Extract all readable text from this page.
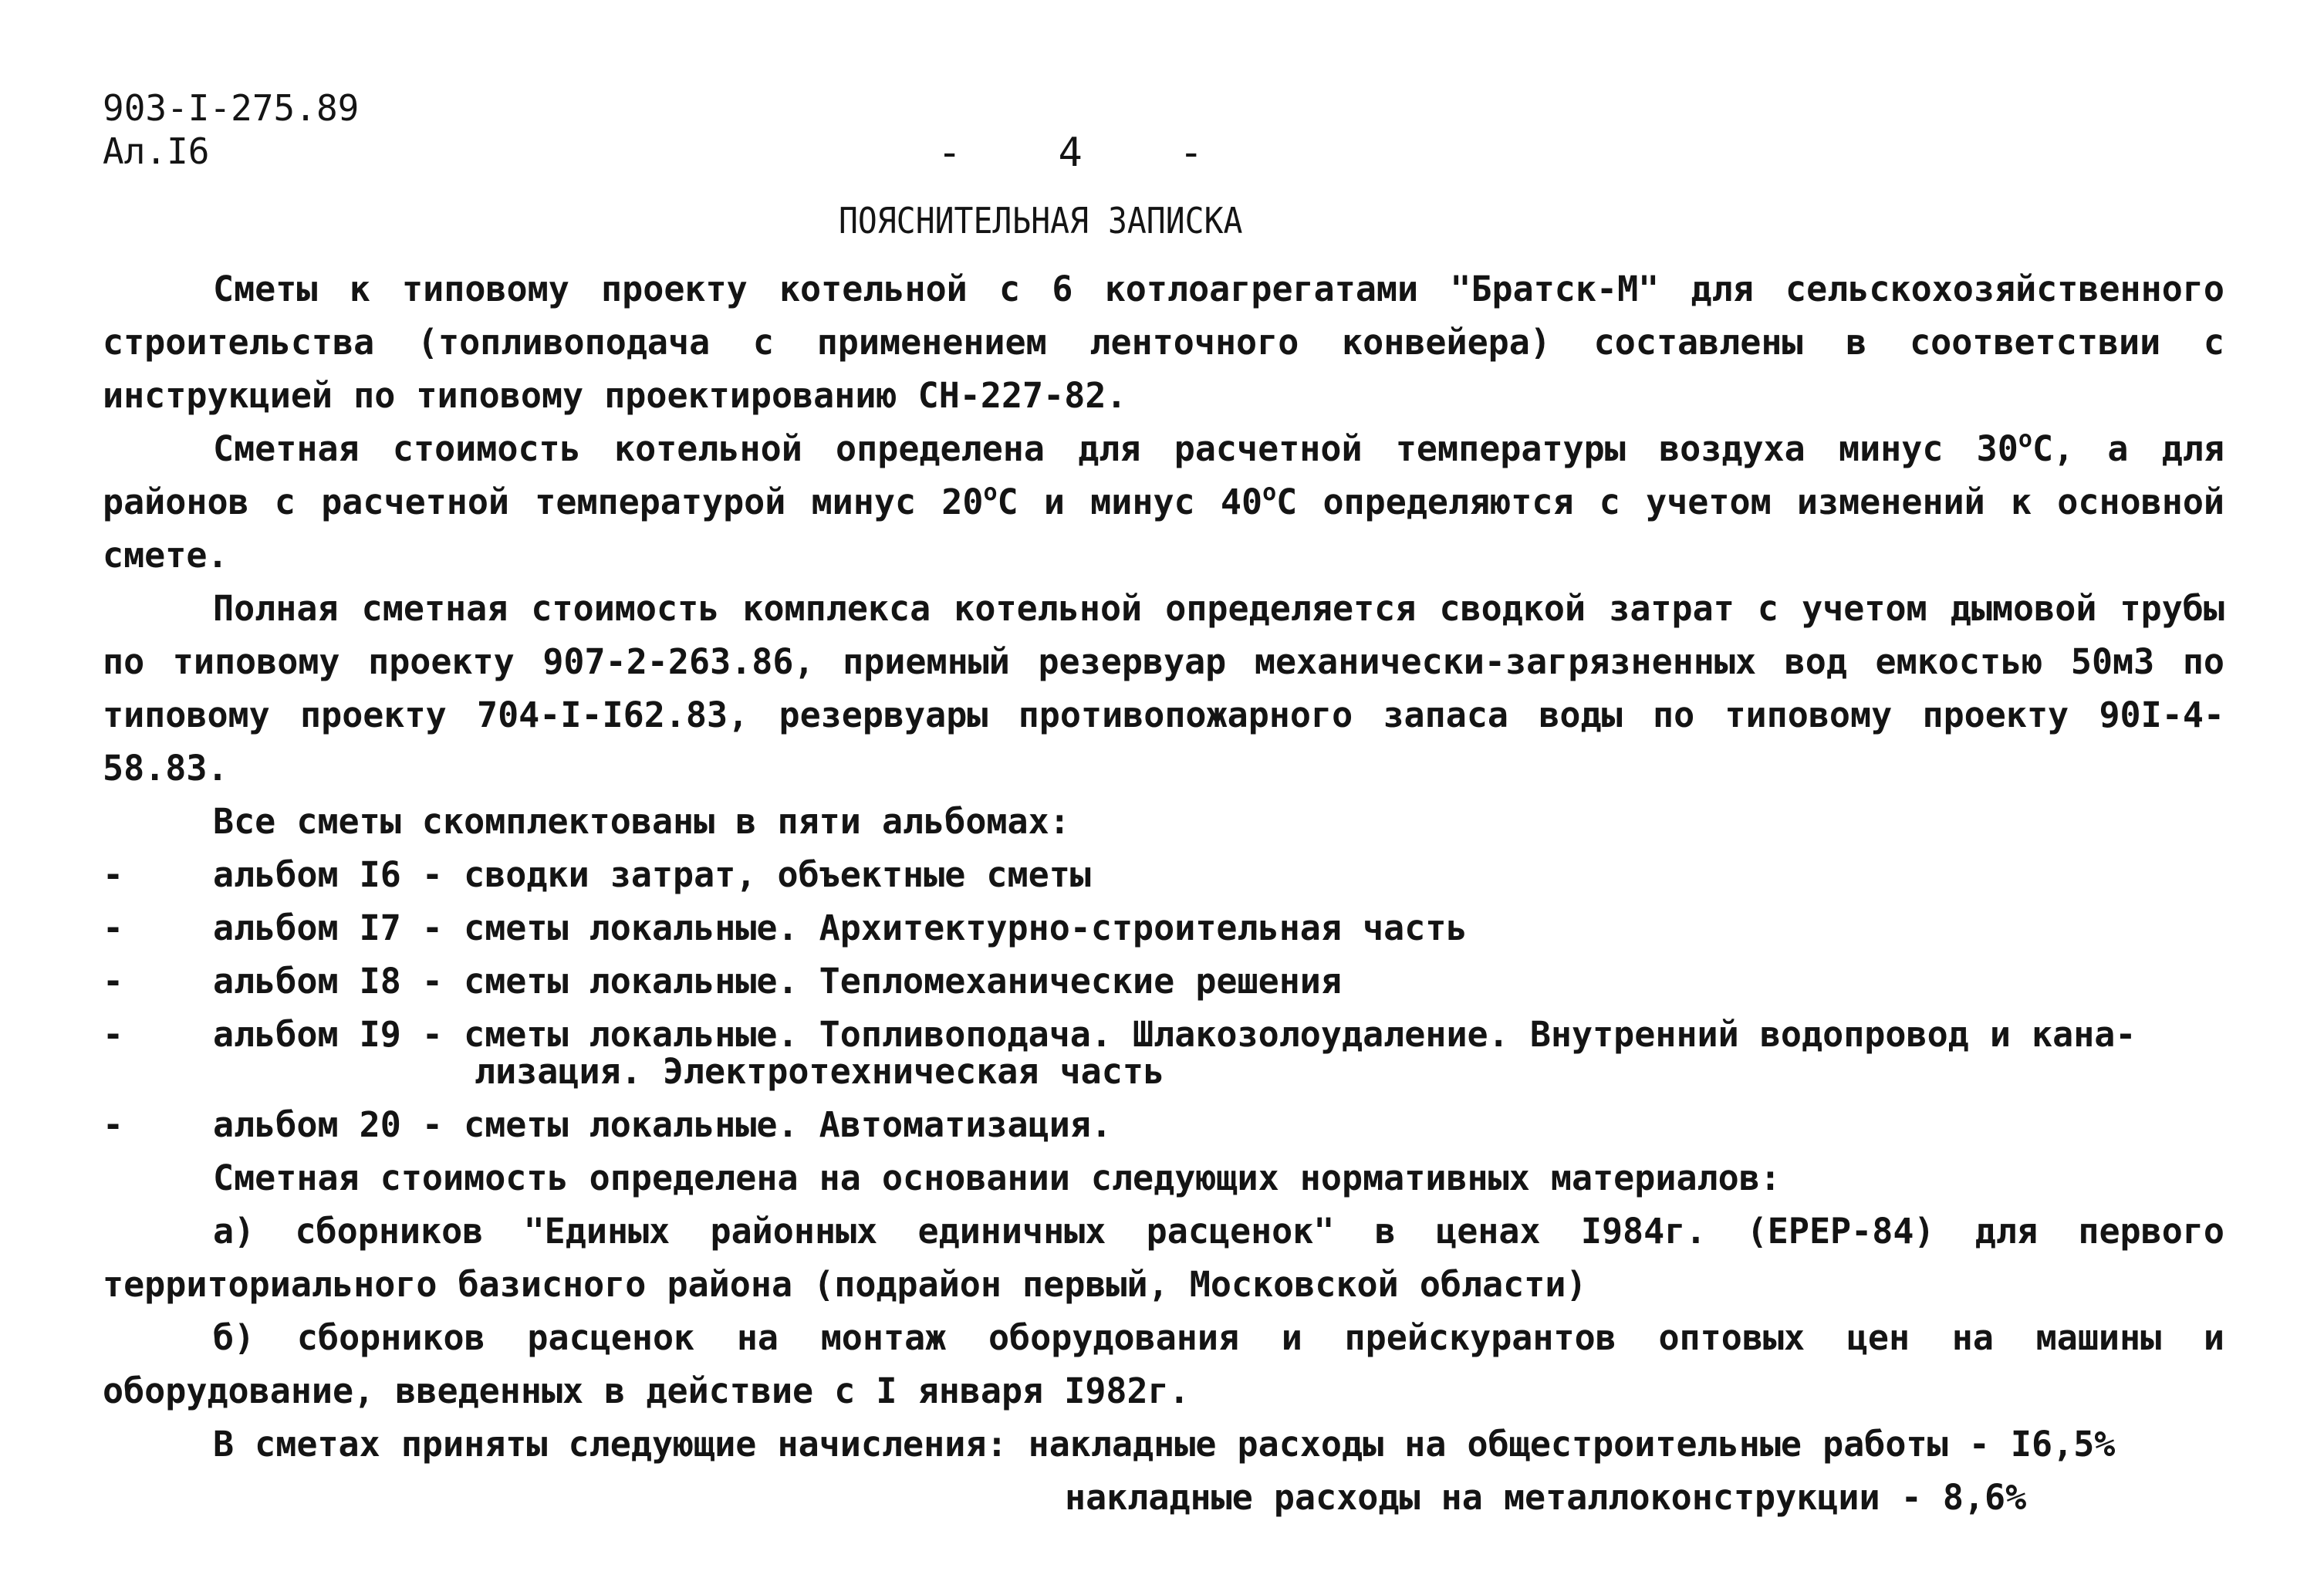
903-I-275.89
Ал.I6	-    4    -
ПОЯСНИТЕЛЬНАЯ ЗАПИСКА

Сметы к типовому проекту котельной с 6 котлоагрегатами "Братск-М" для сельскохозяйственного строительства (топливоподача с применением ленточного конвейера) составлены в соответствии с инструкцией по типовому проектированию СН-227-82.

Сметная стоимость котельной определена для расчетной температуры воздуха минус $30^оС$, а для районов с расчетной температурой минус $20^оС$ и минус $40^оС$ определяются с учетом изменений к основной смете.

Полная сметная стоимость комплекса котельной определяется сводкой затрат с учетом дымовой трубы по типовому проекту 907-2-263.86, приемный резервуар механически-загрязненных вод емкостью 50м3 по типовому проекту 704-I-I62.83, резервуары противопожарного запаса воды по типовому проекту 90I-4-58.83.

Все сметы скомплектованы в пяти альбомах:

-	альбом I6 - сводки затрат, объектные сметы
-	альбом I7 - сметы локальные. Архитектурно-строительная часть
-	альбом I8 - сметы локальные. Тепломеханические решения
-	альбом I9 - сметы локальные. Топливоподача. Шлакозолоудаление. Внутренний водопровод и кана-
лизация. Электротехническая часть
-	альбом 20 - сметы локальные. Автоматизация.

Сметная стоимость определена на основании следующих нормативных материалов:

а) сборников "Единых районных единичных расценок" в ценах I984г. (ЕРЕР-84) для первого территориального базисного района (подрайон первый, Московской области)

б) сборников расценок на монтаж оборудования и прейскурантов оптовых цен на машины и оборудование, введенных в действие с I января I982г.

В сметах приняты следующие начисления: накладные расходы на общестроительные работы - I6,5%

накладные расходы на металлоконструкции - 8,6%
